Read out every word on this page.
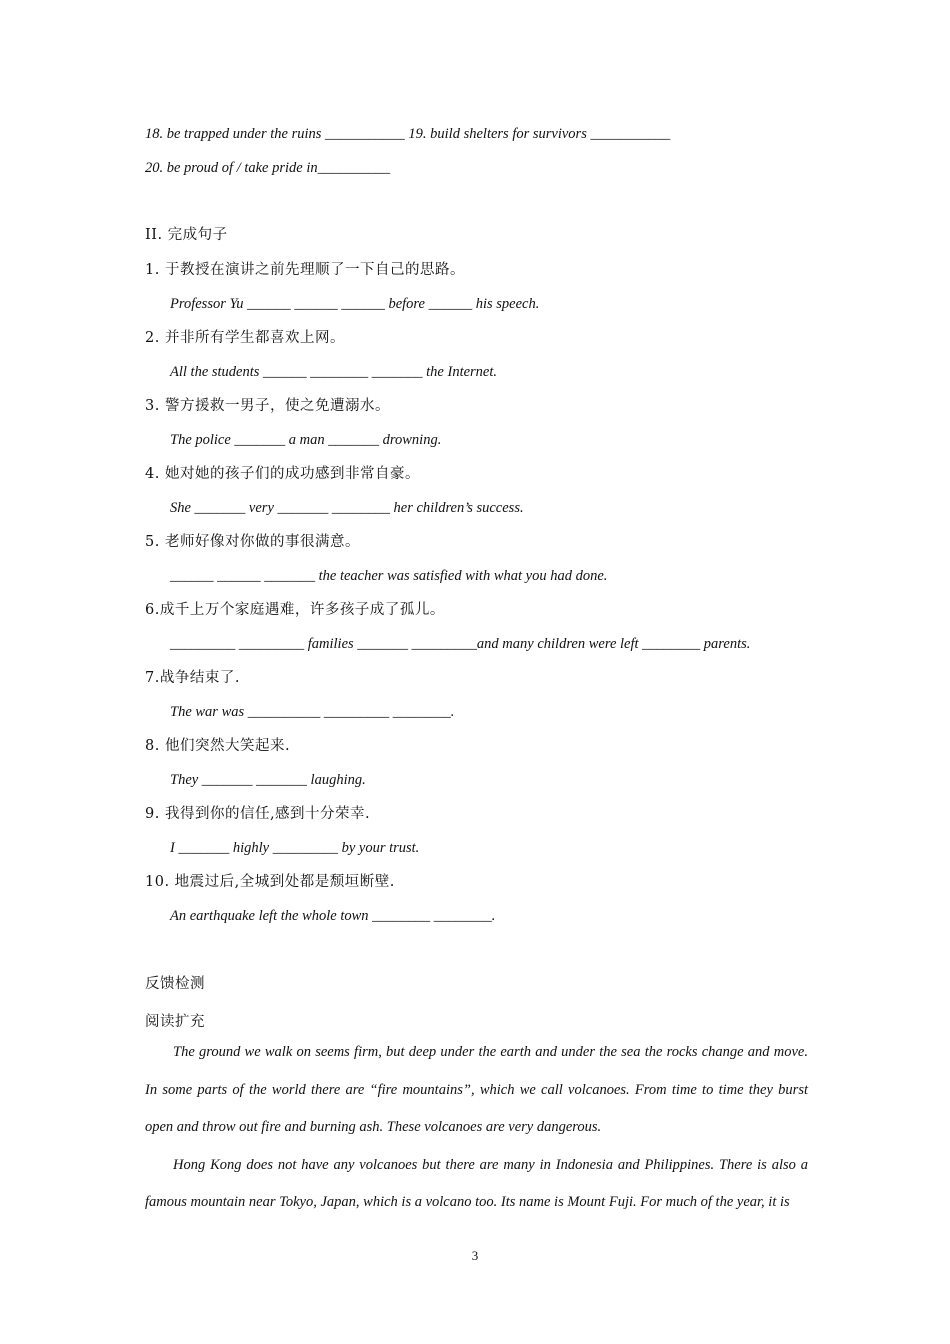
18. be trapped under the ruins ___________ 19. build shelters for survivors ___________
20. be proud of / take pride in__________
II. 完成句子
1. 于教授在演讲之前先理顺了一下自己的思路。
Professor Yu ______ ______ ______ before ______ his speech.
2. 并非所有学生都喜欢上网。
All the students ______ ________ _______ the Internet.
3. 警方援救一男子，使之免遭溺水。
The police _______ a man _______ drowning.
4. 她对她的孩子们的成功感到非常自豪。
She _______ very _______ ________ her children’s success.
5. 老师好像对你做的事很满意。
______ ______ _______ the teacher was satisfied with what you had done.
6.成千上万个家庭遇难，许多孩子成了孤儿。
_________ _________ families _______ _________and many children were left ________ parents.
7.战争结束了.
The war was __________ _________ ________.
8. 他们突然大笑起来.
They _______ _______ laughing.
9. 我得到你的信任,感到十分荣幸.
I _______ highly _________ by your trust.
10. 地震过后,全城到处都是颓垣断壁.
An earthquake left the whole town ________ ________.
反馈检测
阅读扩充
The ground we walk on seems firm, but deep under the earth and under the sea the rocks change and move. In some parts of the world there are “fire mountains”, which we call volcanoes. From time to time they burst open and throw out fire and burning ash. These volcanoes are very dangerous.
Hong Kong does not have any volcanoes but there are many in Indonesia and Philippines. There is also a famous mountain near Tokyo, Japan, which is a volcano too. Its name is Mount Fuji. For much of the year, it is
3
